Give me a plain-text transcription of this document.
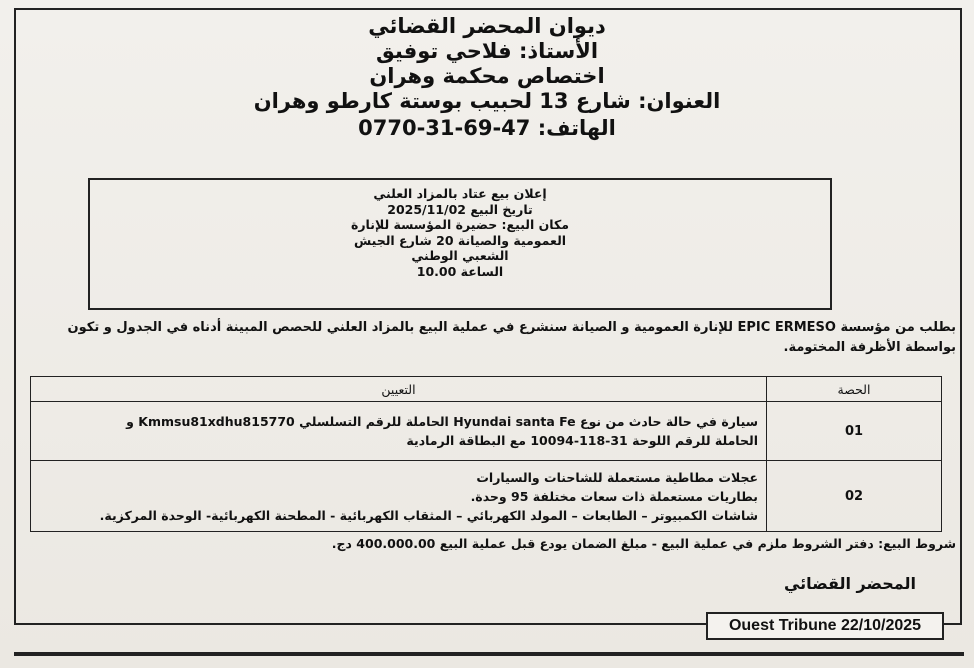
ديوان المحضر القضائي

الأستاذ: فلاحي توفيق

اختصاص محكمة وهران

العنوان: شارع 13 لحبيب بوستة كارطو وهران

الهاتف: 0770-31-69-47

إعلان بيع عتاد بالمزاد العلني
تاريخ البيع 2025/11/02
مكان البيع: حضيرة المؤسسة للإنارة
العمومية والصيانة 20 شارع الجيش
الشعبي الوطني
الساعة 10.00
بطلب من مؤسسة EPIC ERMESO للإنارة العمومية و الصيانة سنشرع في عملية البيع بالمزاد العلني للحصص المبينة أدناه في الجدول و تكون بواسطة الأظرفة المختومة.
الحصة	التعيين
01	سيارة في حالة حادث من نوع Hyundai santa Fe الحاملة للرقم التسلسلي Kmmsu81xdhu815770 و
الحاملة للرقم اللوحة 31-118-10094 مع البطاقة الرمادية

02	عجلات مطاطية مستعملة للشاحنات والسيارات
بطاريات مستعملة ذات سعات مختلفة 95 وحدة.
شاشات الكمبيوتر – الطابعات – المولد الكهربائي – المثقاب الكهربائية - المطحنة الكهربائية- الوحدة المركزية.
شروط البيع: دفتر الشروط ملزم في عملية البيع - مبلغ الضمان يودع قبل عملية البيع 400.000.00 دج.
المحضر القضائي
Ouest Tribune 22/10/2025
